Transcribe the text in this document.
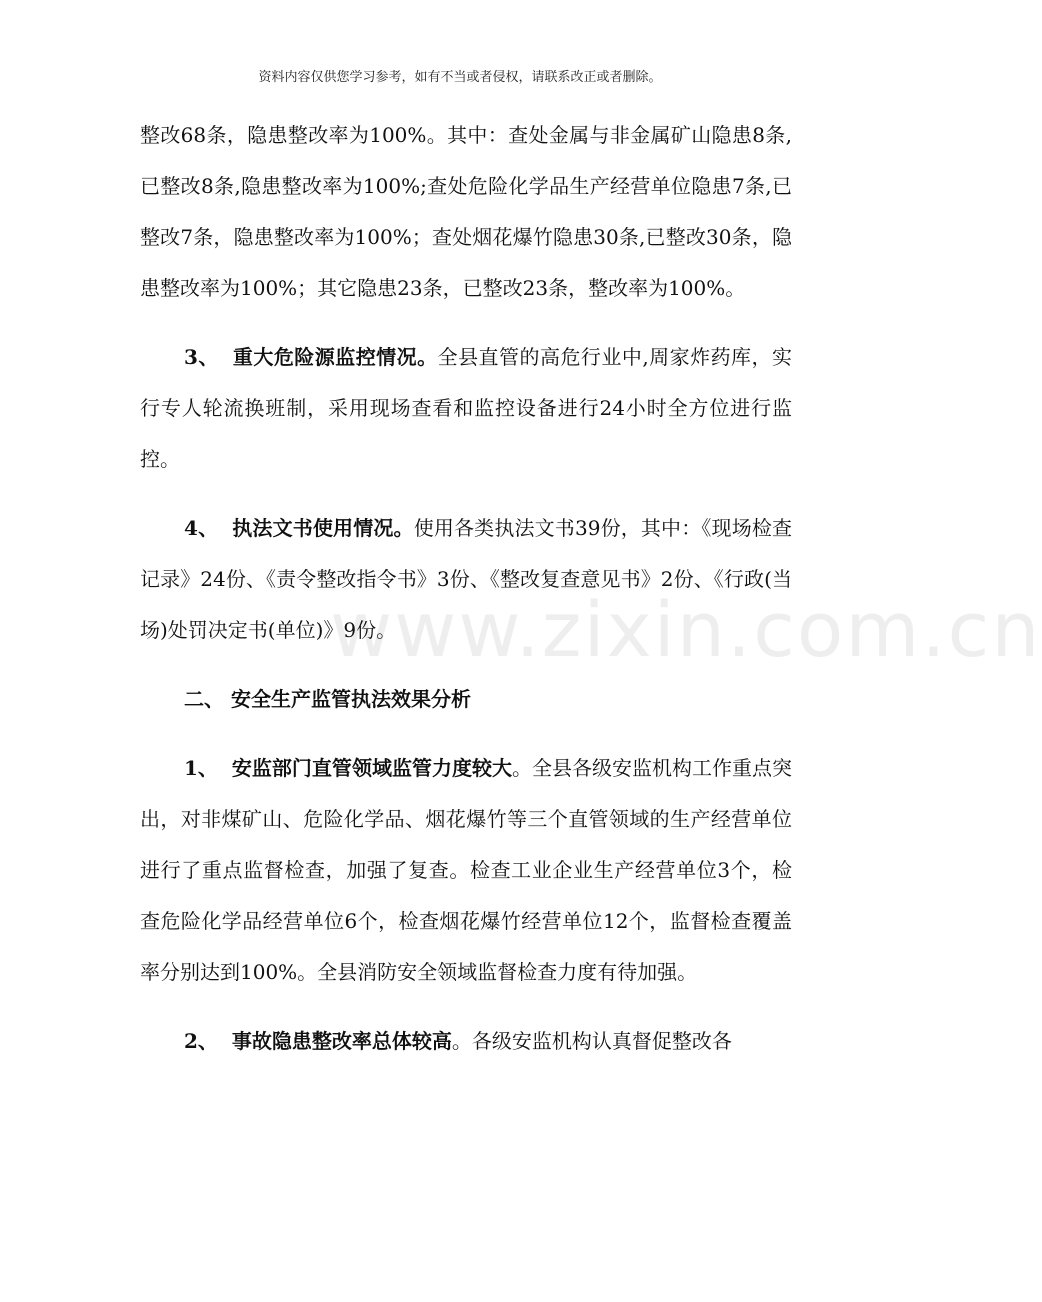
资料内容仅供您学习参考，如有不当或者侵权，请联系改正或者删除。
www.zixin.com.cn

整改68条，隐患整改率为100%。其中：查处金属与非金属矿山隐患8条,已整改8条,隐患整改率为100%;查处危险化学品生产经营单位隐患7条,已整改7条，隐患整改率为100%；查处烟花爆竹隐患30条,已整改30条，隐患整改率为100%；其它隐患23条，已整改23条，整改率为100%。

3、 重大危险源监控情况。全县直管的高危行业中,周家炸药库，实行专人轮流换班制，采用现场查看和监控设备进行24小时全方位进行监控。

4、 执法文书使用情况。使用各类执法文书39份，其中：《现场检查记录》24份、《责令整改指令书》3份、《整改复查意见书》2份、《行政(当场)处罚决定书(单位)》9份。

二、 安全生产监管执法效果分析

1、 安监部门直管领域监管力度较大。全县各级安监机构工作重点突出，对非煤矿山、危险化学品、烟花爆竹等三个直管领域的生产经营单位进行了重点监督检查，加强了复查。检查工业企业生产经营单位3个，检查危险化学品经营单位6个，检查烟花爆竹经营单位12个，监督检查覆盖率分别达到100%。全县消防安全领域监督检查力度有待加强。

2、 事故隐患整改率总体较高。各级安监机构认真督促整改各
